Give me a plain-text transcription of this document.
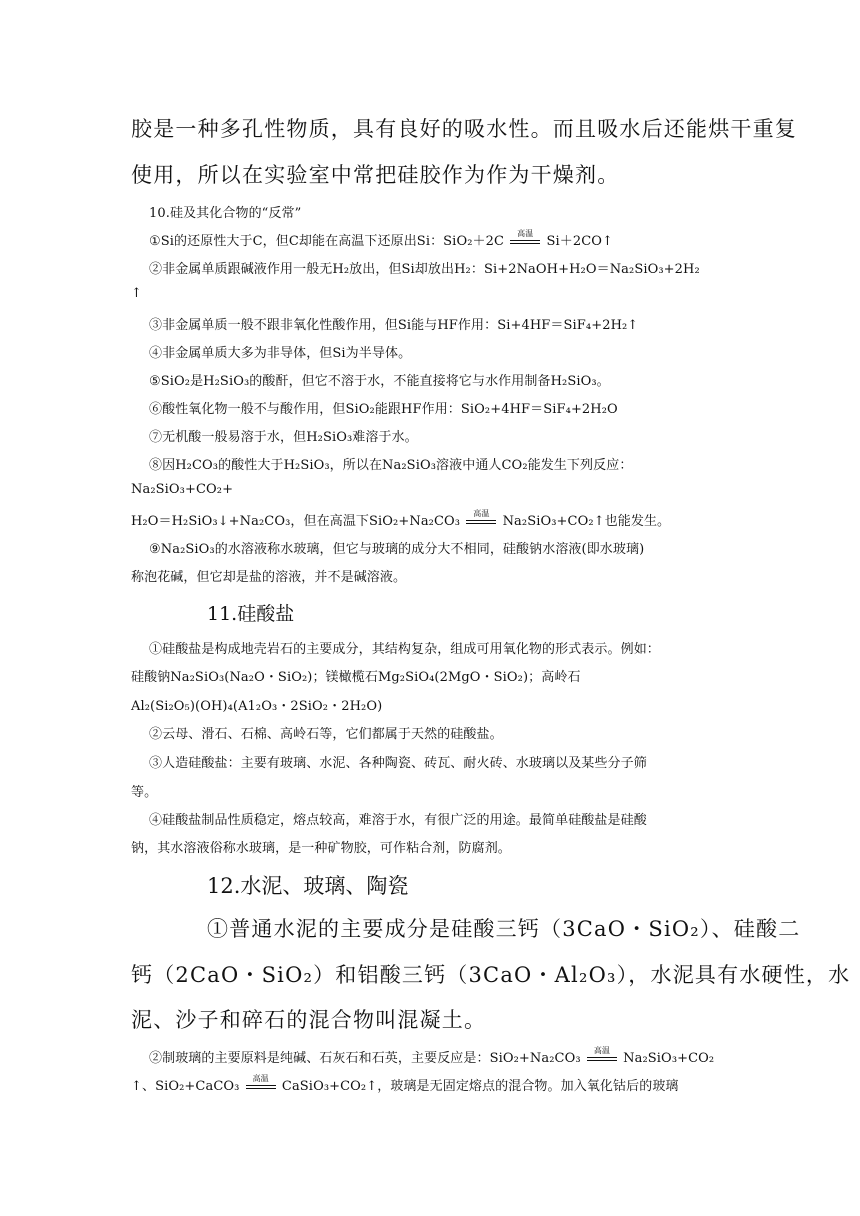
胶是一种多孔性物质，具有良好的吸水性。而且吸水后还能烘干重复
使用，所以在实验室中常把硅胶作为作为干燥剂。
10.硅及其化合物的“反常”
①Si的还原性大于C，但C却能在高温下还原出Si：SiO₂＋2C
高温
Si＋2CO↑
②非金属单质跟碱液作用一般无H₂放出，但Si却放出H₂：Si+2NaOH+H₂O＝Na₂SiO₃+2H₂
↑
③非金属单质一般不跟非氧化性酸作用，但Si能与HF作用：Si+4HF＝SiF₄+2H₂↑
④非金属单质大多为非导体，但Si为半导体。
⑤SiO₂是H₂SiO₃的酸酐，但它不溶于水，不能直接将它与水作用制备H₂SiO₃。
⑥酸性氧化物一般不与酸作用，但SiO₂能跟HF作用：SiO₂+4HF＝SiF₄+2H₂O
⑦无机酸一般易溶于水，但H₂SiO₃难溶于水。
⑧因H₂CO₃的酸性大于H₂SiO₃，所以在Na₂SiO₃溶液中通人CO₂能发生下列反应：
Na₂SiO₃+CO₂+
H₂O＝H₂SiO₃↓+Na₂CO₃，但在高温下SiO₂+Na₂CO₃
高温
Na₂SiO₃+CO₂↑也能发生。
⑨Na₂SiO₃的水溶液称水玻璃，但它与玻璃的成分大不相同，硅酸钠水溶液(即水玻璃)
称泡花碱，但它却是盐的溶液，并不是碱溶液。
11.硅酸盐
①硅酸盐是构成地壳岩石的主要成分，其结构复杂，组成可用氧化物的形式表示。例如：
硅酸钠Na₂SiO₃(Na₂O・SiO₂)；镁橄榄石Mg₂SiO₄(2MgO・SiO₂)；高岭石
Al₂(Si₂O₅)(OH)₄(A1₂O₃・2SiO₂・2H₂O)
②云母、滑石、石棉、高岭石等，它们都属于天然的硅酸盐。
③人造硅酸盐：主要有玻璃、水泥、各种陶瓷、砖瓦、耐火砖、水玻璃以及某些分子筛
等。
④硅酸盐制品性质稳定，熔点较高，难溶于水，有很广泛的用途。最简单硅酸盐是硅酸
钠，其水溶液俗称水玻璃，是一种矿物胶，可作粘合剂，防腐剂。
12.水泥、玻璃、陶瓷
①普通水泥的主要成分是硅酸三钙（3CaO・SiO₂）、硅酸二
钙（2CaO・SiO₂）和铝酸三钙（3CaO・Al₂O₃），水泥具有水硬性，水
泥、沙子和碎石的混合物叫混凝土。
②制玻璃的主要原料是纯碱、石灰石和石英，主要反应是：SiO₂+Na₂CO₃
高温
Na₂SiO₃+CO₂
↑、SiO₂+CaCO₃
高温
CaSiO₃+CO₂↑，玻璃是无固定熔点的混合物。加入氧化钴后的玻璃
